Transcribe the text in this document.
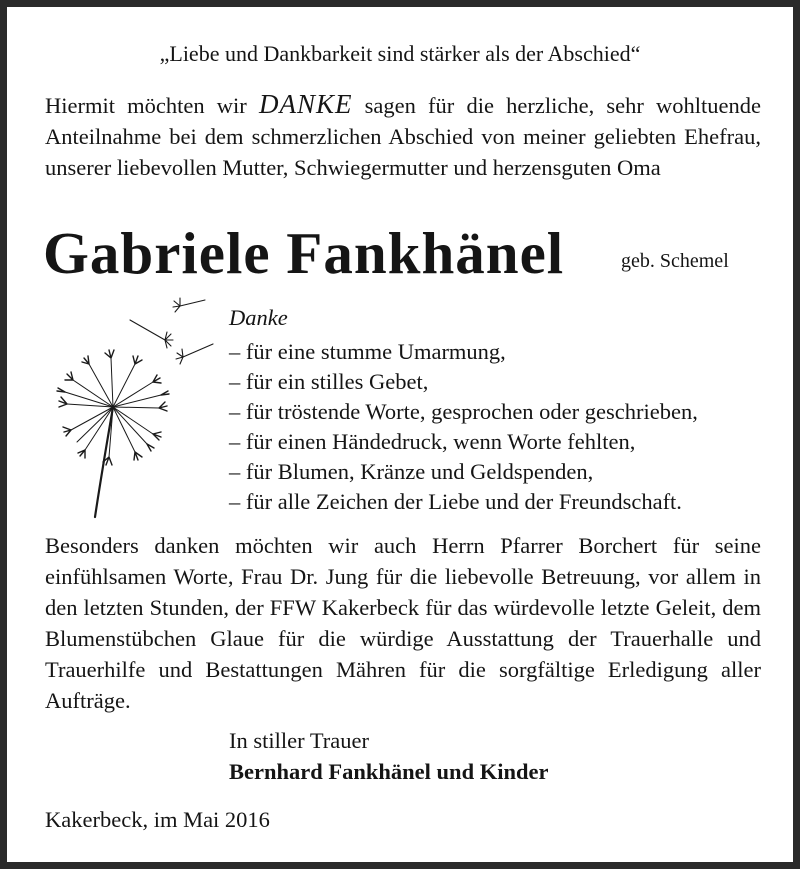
„Liebe und Dankbarkeit sind stärker als der Abschied“
Hiermit möchten wir DANKE sagen für die herzliche, sehr wohltuende Anteilnahme bei dem schmerzlichen Abschied von meiner geliebten Ehefrau, unserer liebevollen Mutter, Schwiegermutter und herzensguten Oma
Gabriele Fankhänel	geb. Schemel
Danke
– für eine stumme Umarmung,
– für ein stilles Gebet,
– für tröstende Worte, gesprochen oder geschrieben,
– für einen Händedruck, wenn Worte fehlten,
– für Blumen, Kränze und Geldspenden,
– für alle Zeichen der Liebe und der Freundschaft.
Besonders danken möchten wir auch Herrn Pfarrer Borchert für seine einfühlsamen Worte, Frau Dr. Jung für die liebevolle Betreuung, vor allem in den letzten Stunden, der FFW Kakerbeck für das würdevolle letzte Geleit, dem Blumenstübchen Glaue für die würdige Ausstattung der Trauerhalle und Trauerhilfe und Bestattungen Mähren für die sorgfältige Erledigung aller Aufträge.
In stiller Trauer
Bernhard Fankhänel und Kinder
Kakerbeck, im Mai 2016
